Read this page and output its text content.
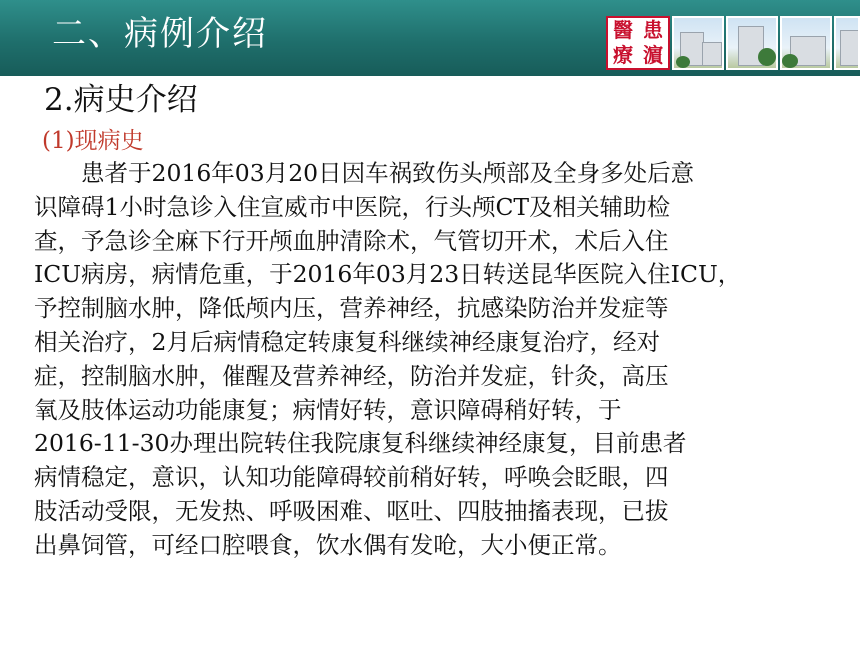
二、病例介绍	醫 患
療 濵
2.病史介绍
(1)现病史
　　患者于2016年03月20日因车祸致伤头颅部及全身多处后意
识障碍1小时急诊入住宣威市中医院，行头颅CT及相关辅助检
查，予急诊全麻下行开颅血肿清除术，气管切开术，术后入住
ICU病房，病情危重，于2016年03月23日转送昆华医院入住ICU，
予控制脑水肿，降低颅内压，营养神经，抗感染防治并发症等
相关治疗，2月后病情稳定转康复科继续神经康复治疗，经对
症，控制脑水肿，催醒及营养神经，防治并发症，针灸，高压
氧及肢体运动功能康复；病情好转，意识障碍稍好转，于
2016-11-30办理出院转住我院康复科继续神经康复，目前患者
病情稳定，意识，认知功能障碍较前稍好转，呼唤会眨眼，四
肢活动受限，无发热、呼吸困难、呕吐、四肢抽搐表现，已拔
出鼻饲管，可经口腔喂食，饮水偶有发呛，大小便正常。
